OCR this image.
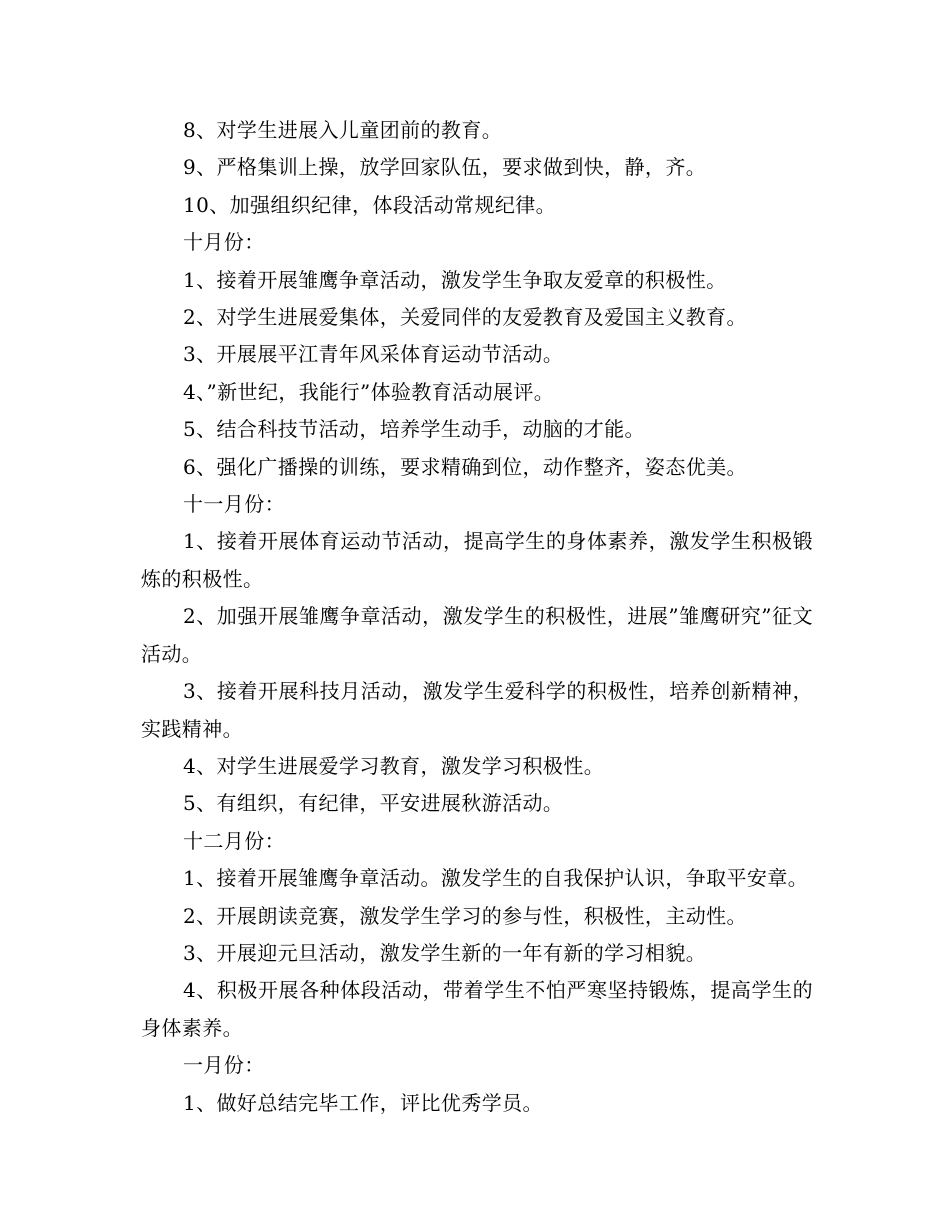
8、对学生进展入儿童团前的教育。

9、严格集训上操，放学回家队伍，要求做到快，静，齐。

10、加强组织纪律，体段活动常规纪律。

十月份：

1、接着开展雏鹰争章活动，激发学生争取友爱章的积极性。

2、对学生进展爱集体，关爱同伴的友爱教育及爱国主义教育。

3、开展展平江青年风采体育运动节活动。

4、”新世纪，我能行”体验教育活动展评。

5、结合科技节活动，培养学生动手，动脑的才能。

6、强化广播操的训练，要求精确到位，动作整齐，姿态优美。

十一月份：

1、接着开展体育运动节活动，提高学生的身体素养，激发学生积极锻炼的积极性。

2、加强开展雏鹰争章活动，激发学生的积极性，进展”雏鹰研究”征文活动。

3、接着开展科技月活动，激发学生爱科学的积极性，培养创新精神，实践精神。

4、对学生进展爱学习教育，激发学习积极性。

5、有组织，有纪律，平安进展秋游活动。

十二月份：

1、接着开展雏鹰争章活动。激发学生的自我保护认识，争取平安章。

2、开展朗读竞赛，激发学生学习的参与性，积极性，主动性。

3、开展迎元旦活动，激发学生新的一年有新的学习相貌。

4、积极开展各种体段活动，带着学生不怕严寒坚持锻炼，提高学生的身体素养。

一月份：

1、做好总结完毕工作，评比优秀学员。
